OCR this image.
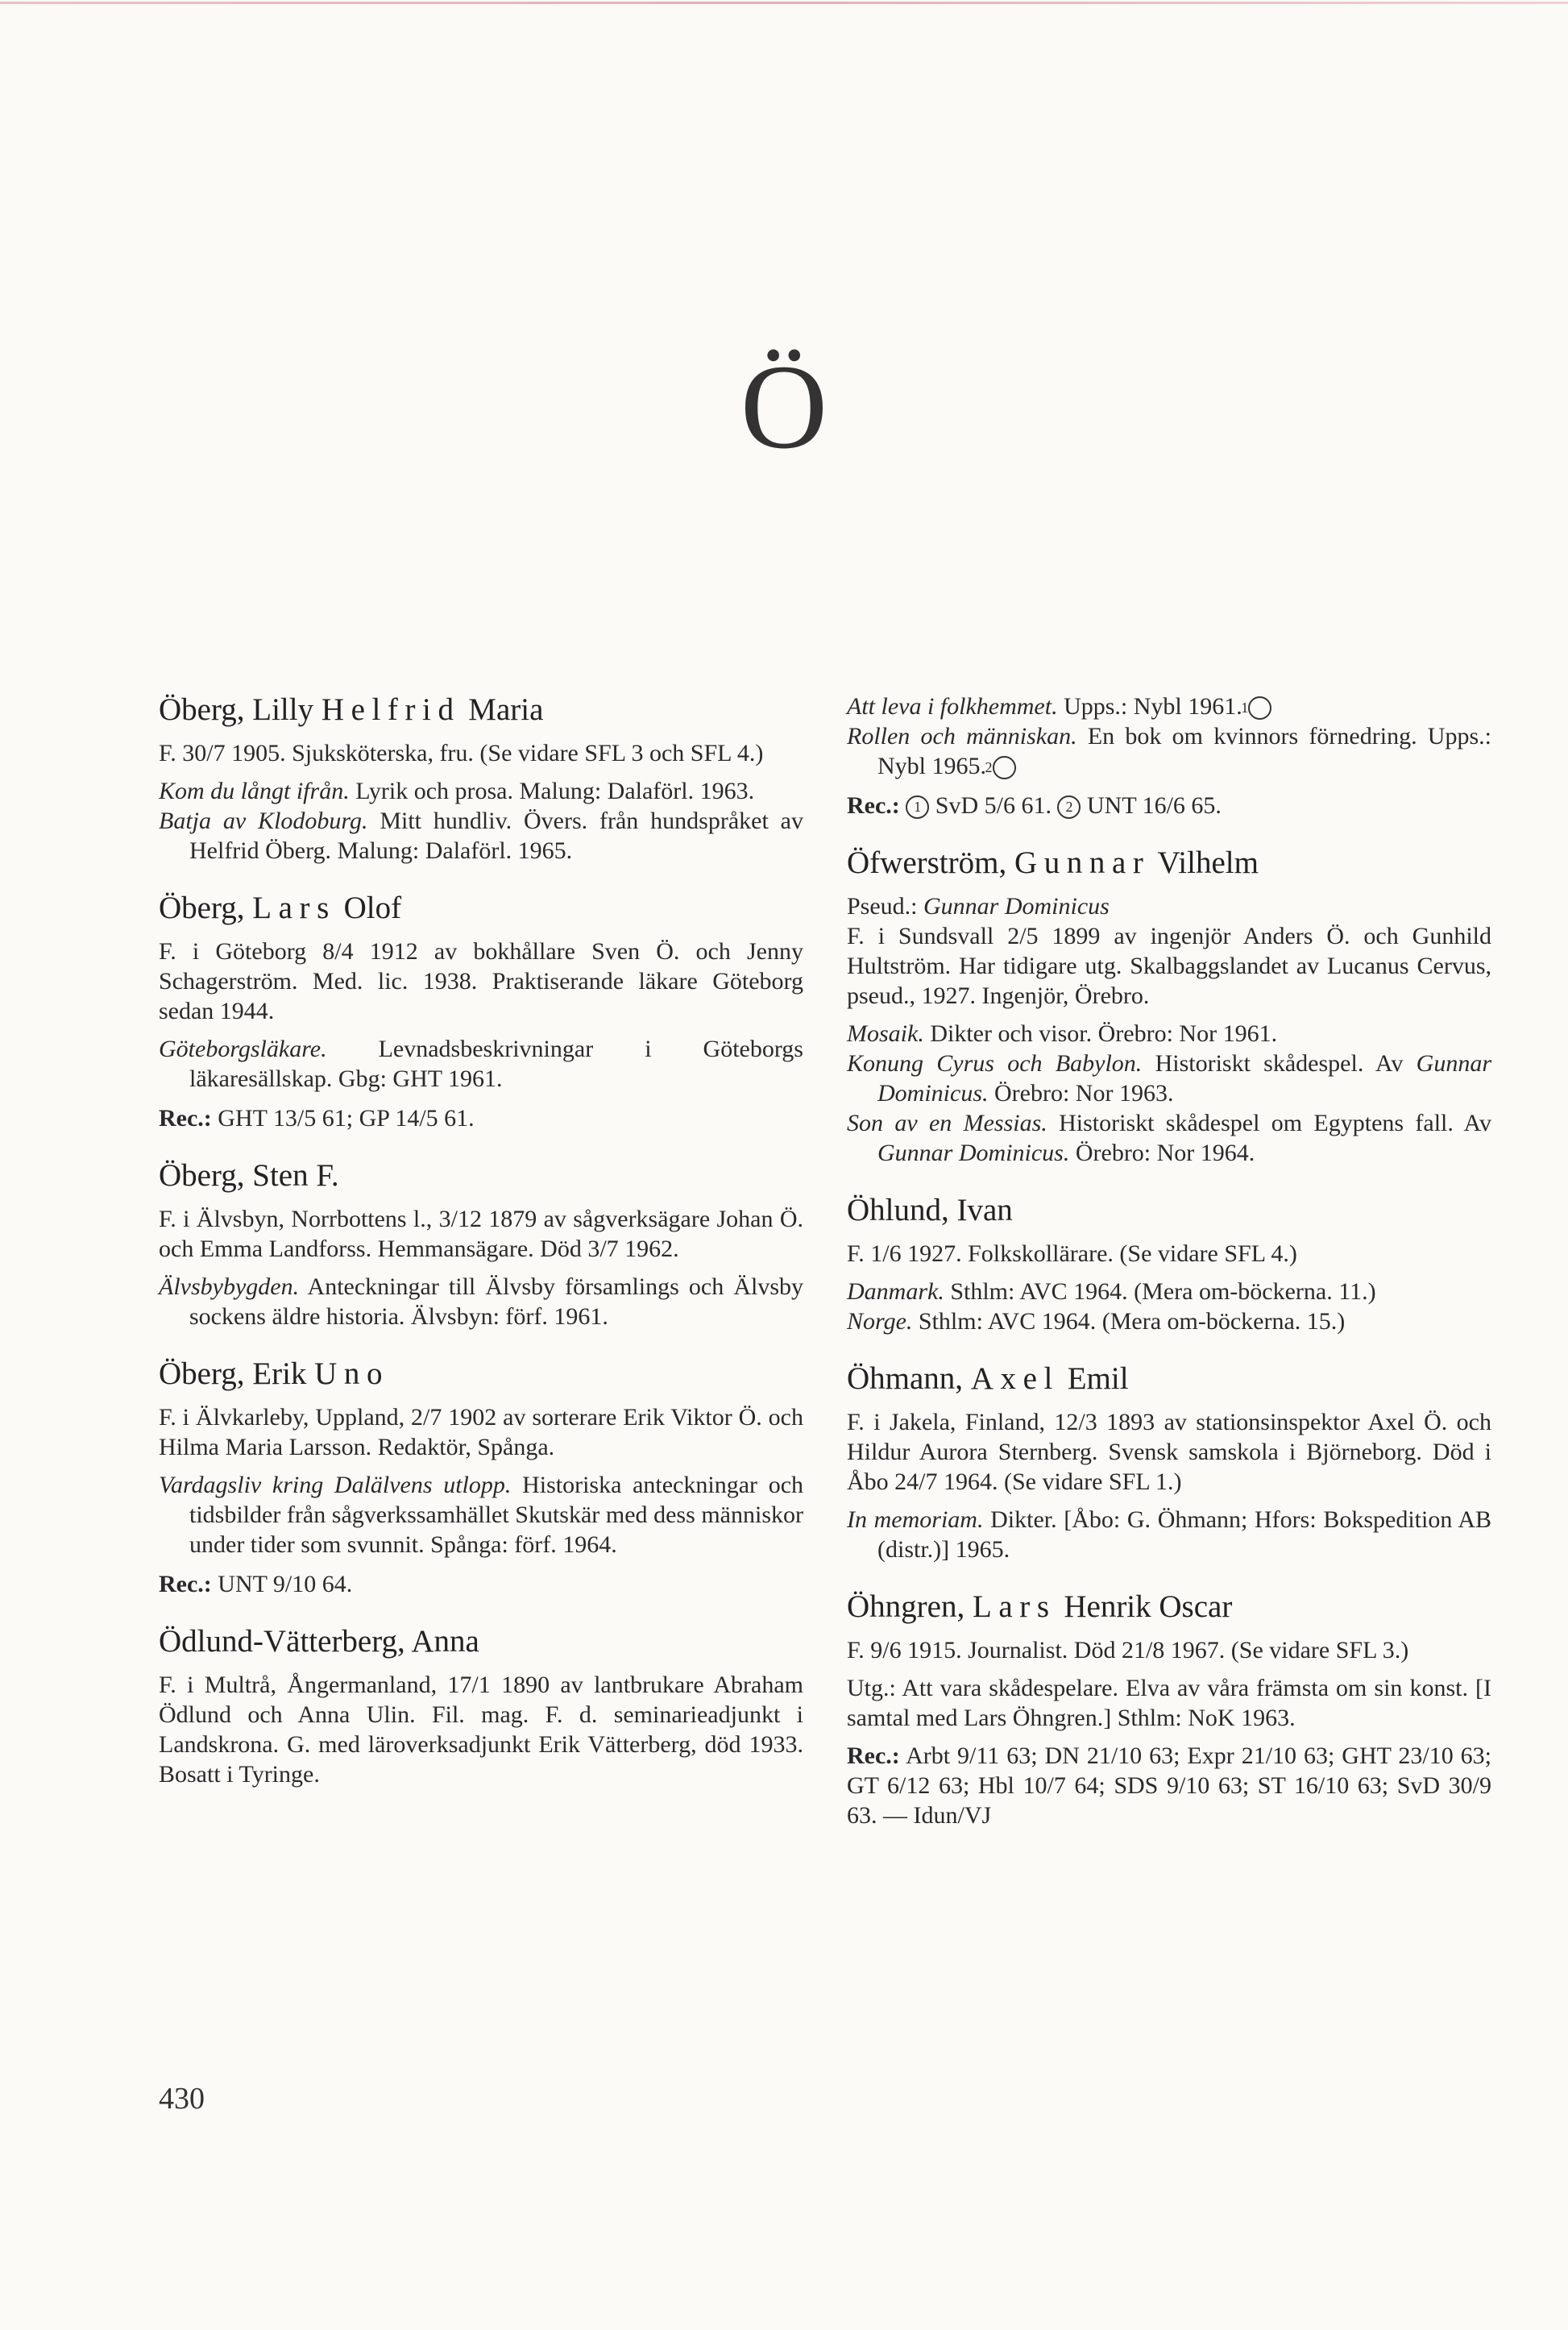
Ö
Öberg, Lilly Helfrid Maria

F. 30/7 1905. Sjuksköterska, fru. (Se vidare SFL 3 och SFL 4.)

Kom du långt ifrån. Lyrik och prosa. Malung: Dalaförl. 1963.

Batja av Klodoburg. Mitt hundliv. Övers. från hundspråket av Helfrid Öberg. Malung: Dalaförl. 1965.

Öberg, Lars Olof

F. i Göteborg 8/4 1912 av bokhållare Sven Ö. och Jenny Schagerström. Med. lic. 1938. Praktiserande läkare Göteborg sedan 1944.

Göteborgsläkare. Levnadsbeskrivningar i Göteborgs läkaresällskap. Gbg: GHT 1961.

Rec.: GHT 13/5 61; GP 14/5 61.

Öberg, Sten F.

F. i Älvsbyn, Norrbottens l., 3/12 1879 av sågverksägare Johan Ö. och Emma Landforss. Hemmansägare. Död 3/7 1962.

Älvsbybygden. Anteckningar till Älvsby församlings och Älvsby sockens äldre historia. Älvsbyn: förf. 1961.

Öberg, Erik Uno

F. i Älvkarleby, Uppland, 2/7 1902 av sorterare Erik Viktor Ö. och Hilma Maria Larsson. Redaktör, Spånga.

Vardagsliv kring Dalälvens utlopp. Historiska anteckningar och tidsbilder från sågverkssamhället Skutskär med dess människor under tider som svunnit. Spånga: förf. 1964.

Rec.: UNT 9/10 64.

Ödlund-Vätterberg, Anna

F. i Multrå, Ångermanland, 17/1 1890 av lantbrukare Abraham Ödlund och Anna Ulin. Fil. mag. F. d. seminarieadjunkt i Landskrona. G. med läroverksadjunkt Erik Vätterberg, död 1933. Bosatt i Tyringe.

Att leva i folkhemmet. Upps.: Nybl 1961. 1

Rollen och människan. En bok om kvinnors förnedring. Upps.: Nybl 1965. 2

Rec.: 1 SvD 5/6 61. 2 UNT 16/6 65.

Öfwerström, Gunnar Vilhelm

Pseud.: Gunnar Dominicus

F. i Sundsvall 2/5 1899 av ingenjör Anders Ö. och Gunhild Hultström. Har tidigare utg. Skalbaggslandet av Lucanus Cervus, pseud., 1927. Ingenjör, Örebro.

Mosaik. Dikter och visor. Örebro: Nor 1961.

Konung Cyrus och Babylon. Historiskt skådespel. Av Gunnar Dominicus. Örebro: Nor 1963.

Son av en Messias. Historiskt skådespel om Egyptens fall. Av Gunnar Dominicus. Örebro: Nor 1964.

Öhlund, Ivan

F. 1/6 1927. Folkskollärare. (Se vidare SFL 4.)

Danmark. Sthlm: AVC 1964. (Mera om-böckerna. 11.)

Norge. Sthlm: AVC 1964. (Mera om-böckerna. 15.)

Öhmann, Axel Emil

F. i Jakela, Finland, 12/3 1893 av stationsinspektor Axel Ö. och Hildur Aurora Sternberg. Svensk samskola i Björneborg. Död i Åbo 24/7 1964. (Se vidare SFL 1.)

In memoriam. Dikter. [Åbo: G. Öhmann; Hfors: Bokspedition AB (distr.)] 1965.

Öhngren, Lars Henrik Oscar

F. 9/6 1915. Journalist. Död 21/8 1967. (Se vidare SFL 3.)

Utg.: Att vara skådespelare. Elva av våra främsta om sin konst. [I samtal med Lars Öhngren.] Sthlm: NoK 1963.

Rec.: Arbt 9/11 63; DN 21/10 63; Expr 21/10 63; GHT 23/10 63; GT 6/12 63; Hbl 10/7 64; SDS 9/10 63; ST 16/10 63; SvD 30/9 63. — Idun/VJ

430
